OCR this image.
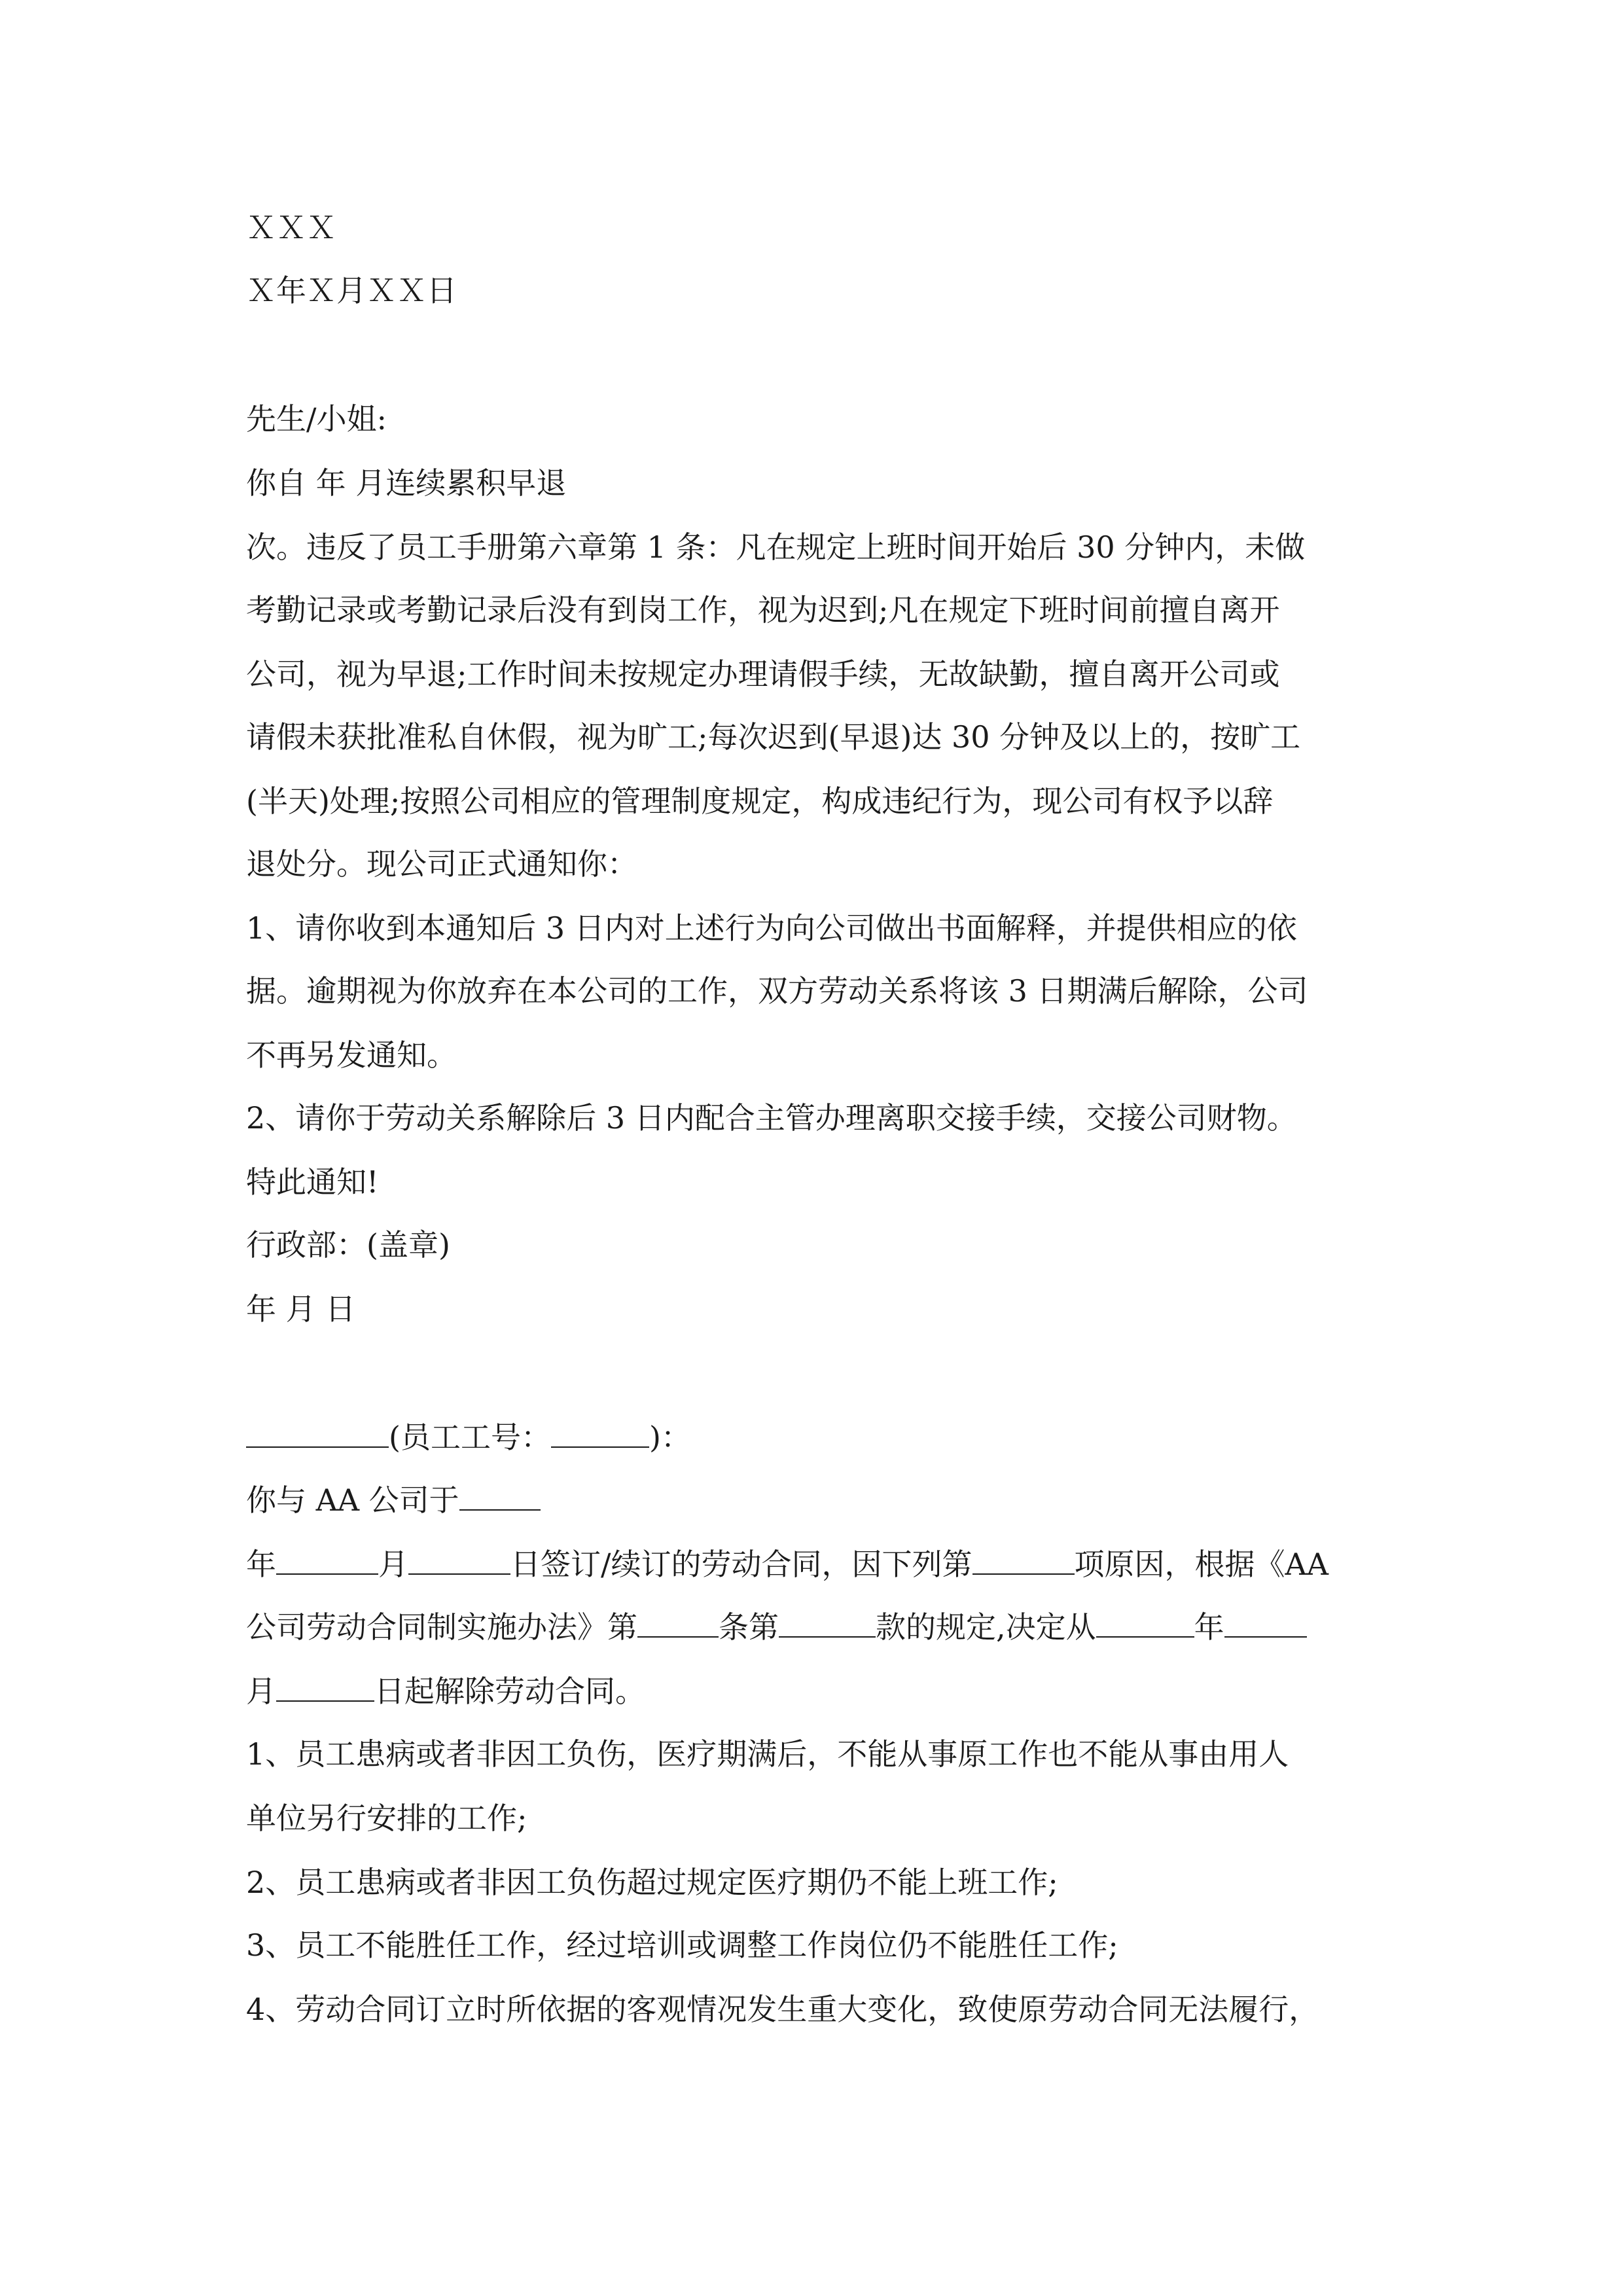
ＸＸＸ
Ｘ年Ｘ月ＸＸ日
先生/小姐:
你自 年 月连续累积早退
次。违反了员工手册第六章第 1 条：凡在规定上班时间开始后 30 分钟内，未做
考勤记录或考勤记录后没有到岗工作，视为迟到;凡在规定下班时间前擅自离开
公司，视为早退;工作时间未按规定办理请假手续，无故缺勤，擅自离开公司或
请假未获批准私自休假，视为旷工;每次迟到(早退)达 30 分钟及以上的，按旷工
(半天)处理;按照公司相应的管理制度规定，构成违纪行为，现公司有权予以辞
退处分。现公司正式通知你：
1、请你收到本通知后 3 日内对上述行为向公司做出书面解释，并提供相应的依
据。逾期视为你放弃在本公司的工作，双方劳动关系将该 3 日期满后解除，公司
不再另发通知。
2、请你于劳动关系解除后 3 日内配合主管办理离职交接手续，交接公司财物。
特此通知!
行政部：(盖章)
年 月 日
(员工工号：	)：
你与 AA 公司于
年	月	日签订/续订的劳动合同，因下列第	项原因，根据《AA
公司劳动合同制实施办法》第	条第	款的规定,决定从	年
月	日起解除劳动合同。
1、员工患病或者非因工负伤，医疗期满后，不能从事原工作也不能从事由用人
单位另行安排的工作;
2、员工患病或者非因工负伤超过规定医疗期仍不能上班工作;
3、员工不能胜任工作，经过培训或调整工作岗位仍不能胜任工作;
4、劳动合同订立时所依据的客观情况发生重大变化，致使原劳动合同无法履行，
